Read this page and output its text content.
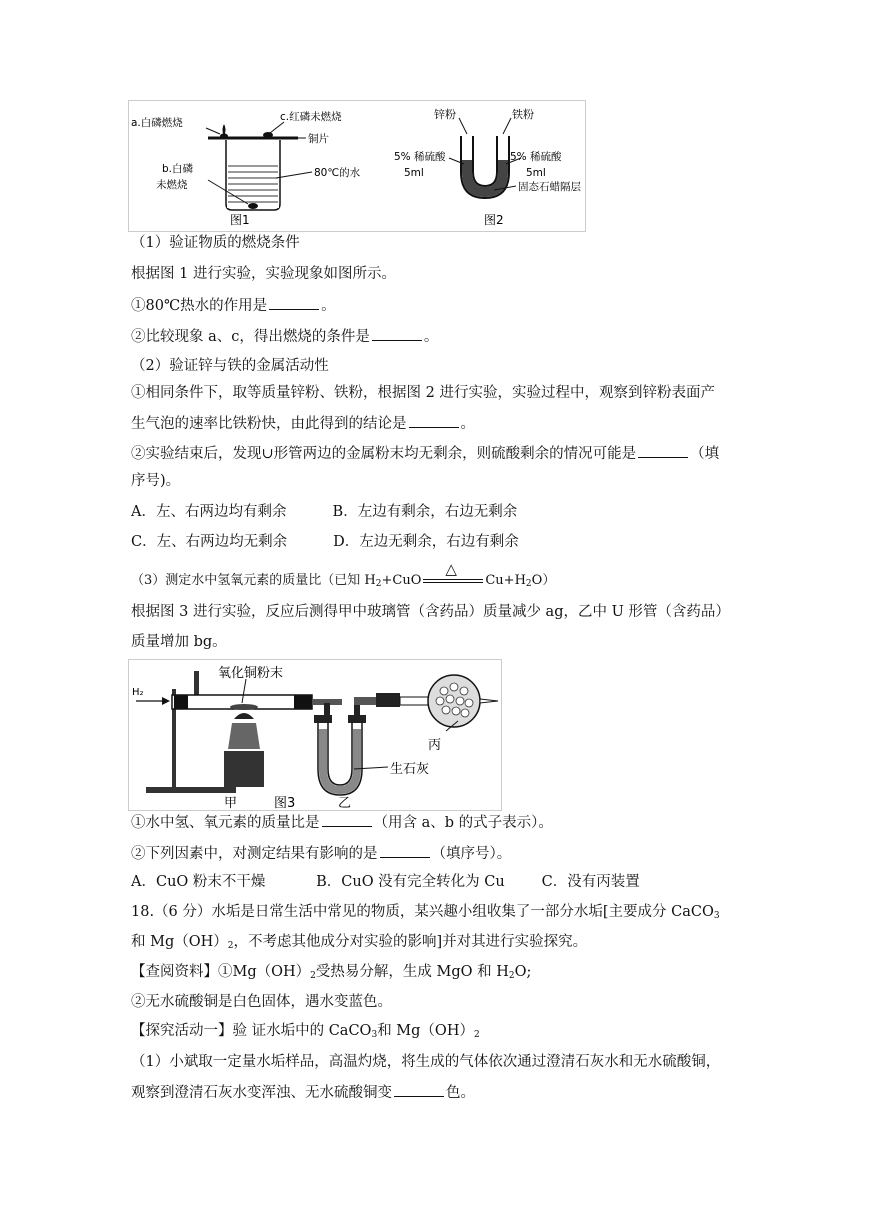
a.白磷燃烧	c.红磷未燃烧
铜片
b.白磷
未燃烧
80℃的水
图1
锌粉	铁粉
5% 稀硫酸
5ml
5% 稀硫酸
5ml
固态石蜡隔层
图2
（1）验证物质的燃烧条件
根据图 1 进行实验，实验现象如图所示。
①80℃热水的作用是	。
②比较现象 a、c，得出燃烧的条件是	。
（2）验证锌与铁的金属活动性
①相同条件下，取等质量锌粉、铁粉，根据图 2 进行实验，实验过程中，观察到锌粉表面产
生气泡的速率比铁粉快，由此得到的结论是	。
②实验结束后，发现∪形管两边的金属粉末均无剩余，则硫酸剩余的情况可能是	（填
序号)。
A．左、右两边均有剩余          B．左边有剩余，右边无剩余
C．左、右两边均无剩余          D．左边无剩余，右边有剩余
（3）测定水中氢氧元素的质量比（已知 $H_2+CuO$
△
$Cu+H_2O$）
根据图 3 进行实验，反应后测得甲中玻璃管（含药品）质量减少 ag，乙中 U 形管（含药品）
质量增加 bg。
H₂
氧化铜粉末
丙
生石灰
甲	图3	乙
①水中氢、氧元素的质量比是	（用含 a、b 的式子表示）。
②下列因素中，对测定结果有影响的是	（填序号）。
A．CuO 粉末不干燥           B．CuO 没有完全转化为 Cu        C．没有丙装置
18.（6 分）水垢是日常生活中常见的物质，某兴趣小组收集了一部分水垢[主要成分 CaCO$_3$
和 $Mg(OH)_2$，不考虑其他成分对实验的影响]并对其进行实验探究。
【查阅资料】$①Mg(OH)_2$受热易分解，生成 MgO 和 $H_2O$;
②无水硫酸铜是白色固体，遇水变蓝色。
【探究活动一】验 证水垢中的 CaCO$_3$和 $Mg(OH)_2$
（1）小斌取一定量水垢样品，高温灼烧，将生成的气体依次通过澄清石灰水和无水硫酸铜，
观察到澄清石灰水变浑浊、无水硫酸铜变	色。
